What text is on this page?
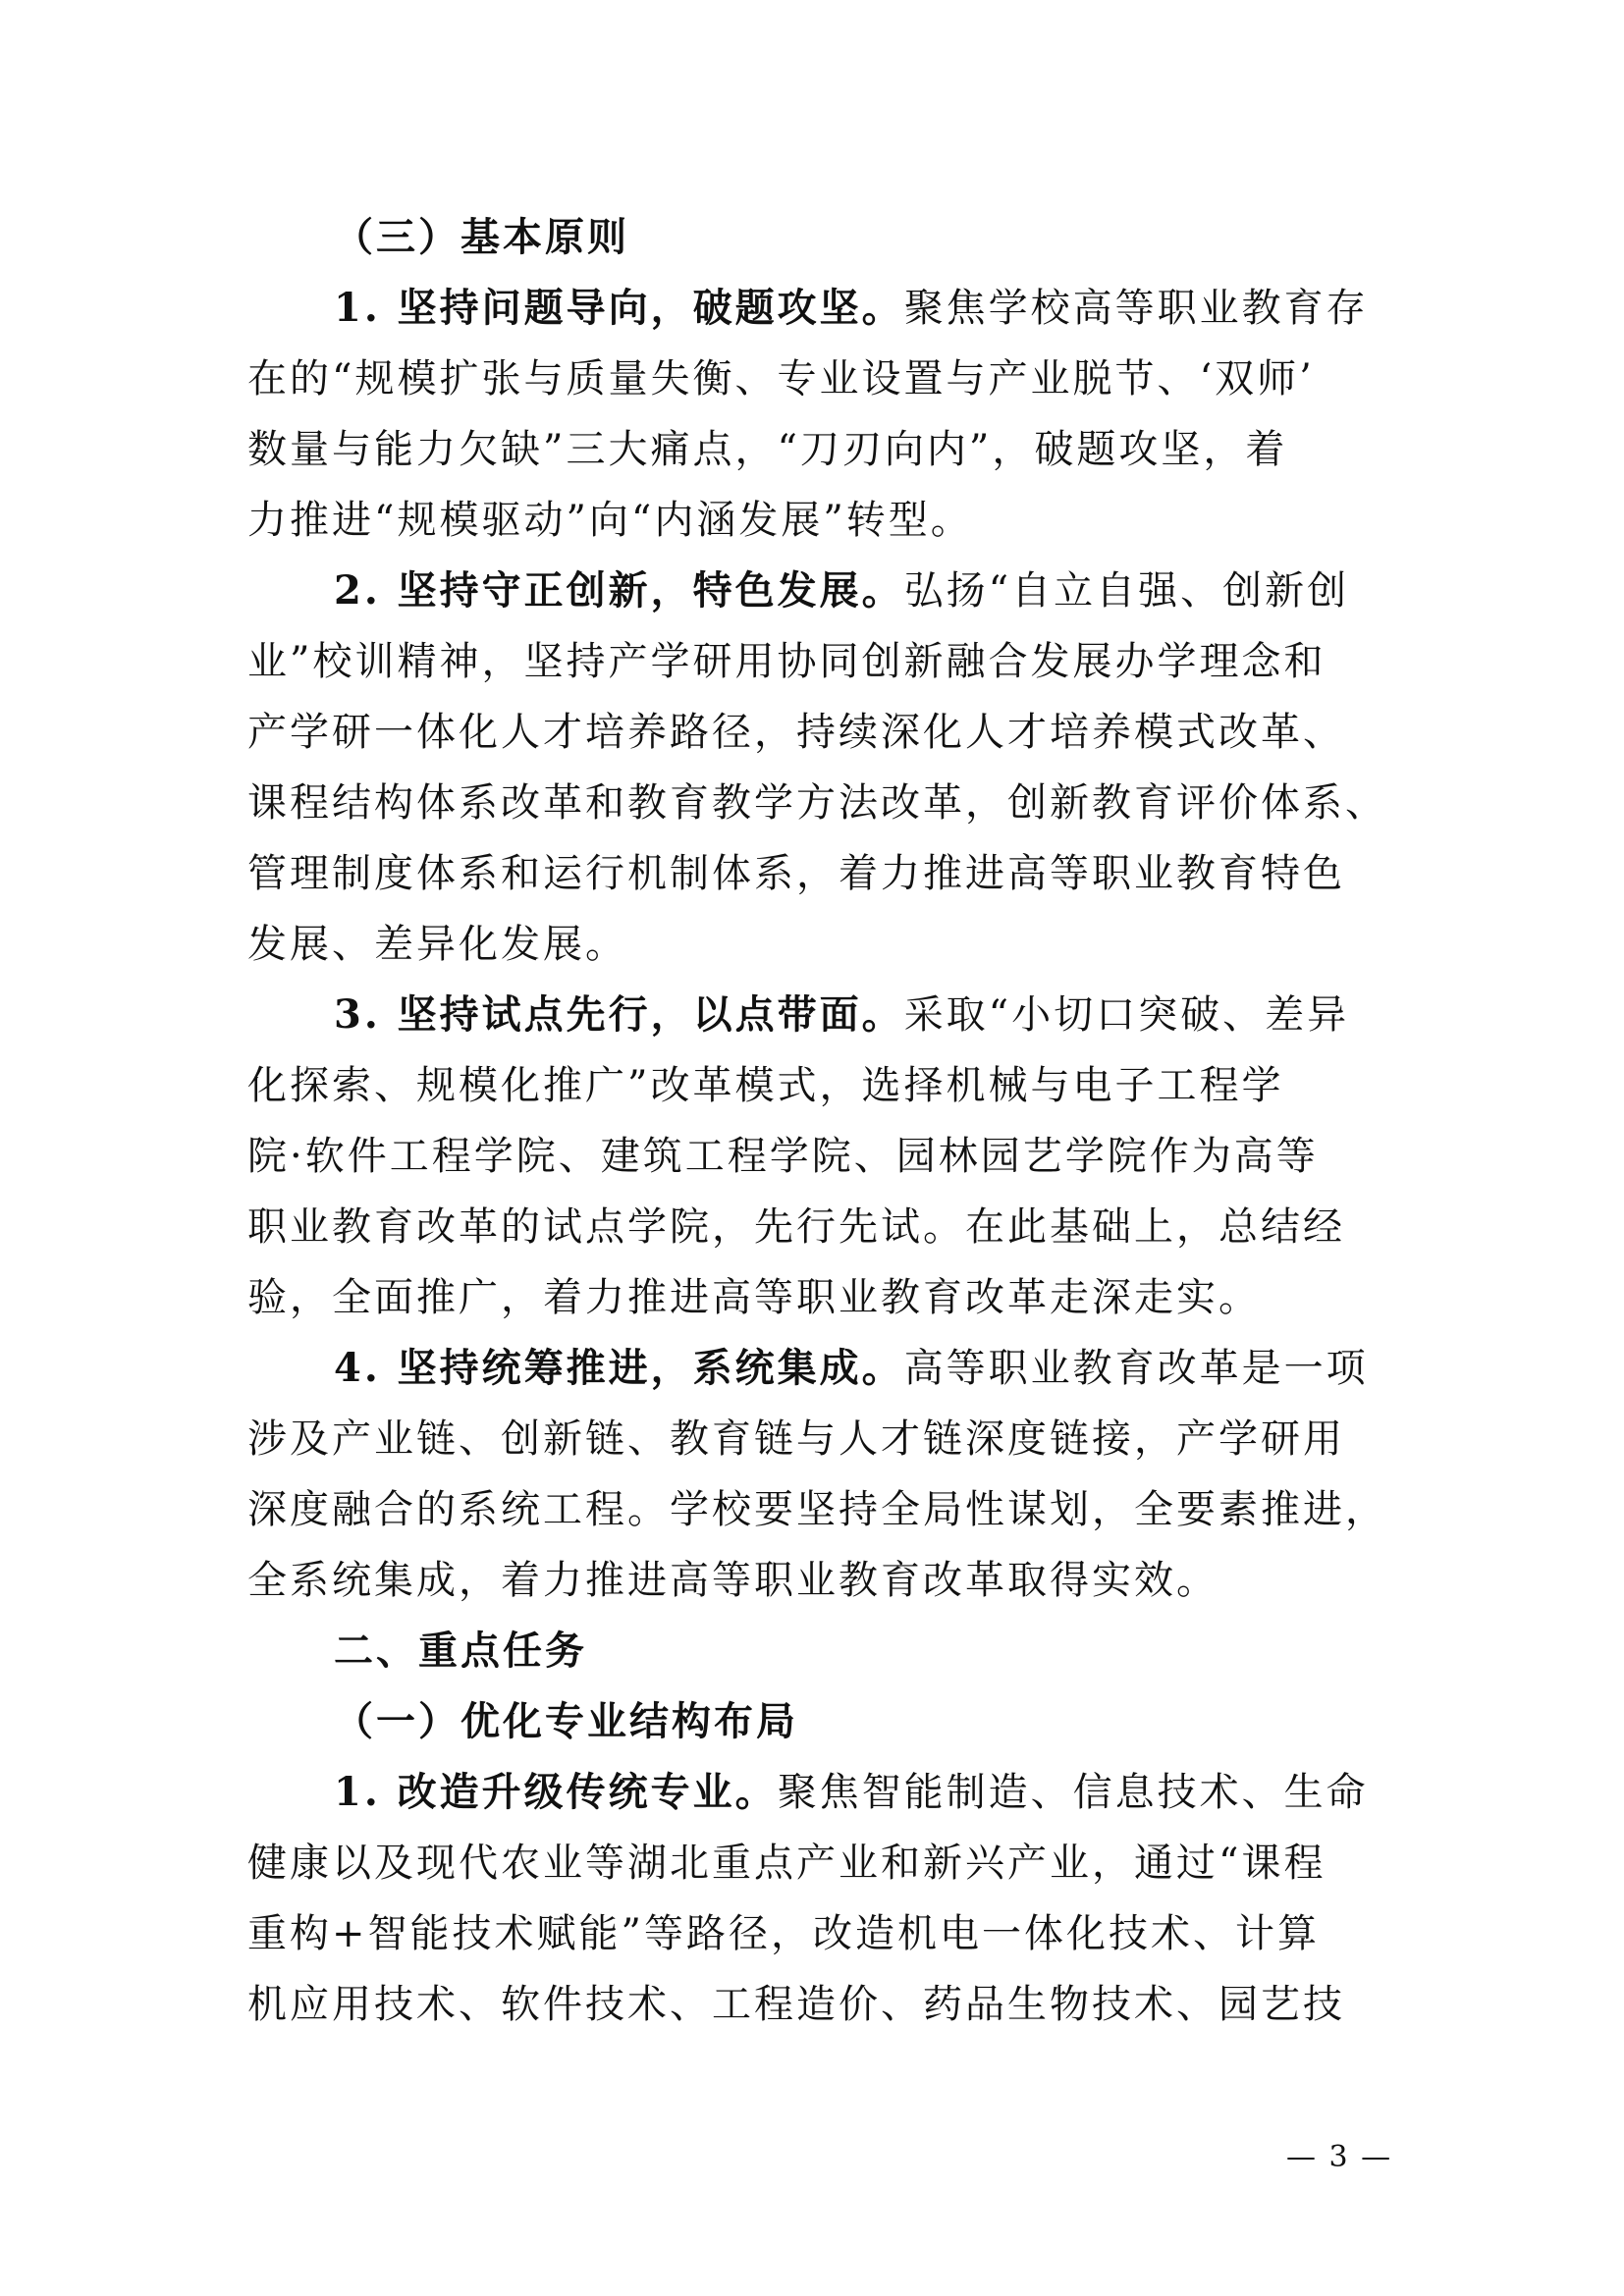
（三）基本原则
1. 坚持问题导向，破题攻坚。聚焦学校高等职业教育存
在的“规模扩张与质量失衡、专业设置与产业脱节、‘双师’
数量与能力欠缺”三大痛点，“刀刃向内”，破题攻坚，着
力推进“规模驱动”向“内涵发展”转型。
2. 坚持守正创新，特色发展。弘扬“自立自强、创新创
业”校训精神，坚持产学研用协同创新融合发展办学理念和
产学研一体化人才培养路径，持续深化人才培养模式改革、
课程结构体系改革和教育教学方法改革，创新教育评价体系、
管理制度体系和运行机制体系，着力推进高等职业教育特色
发展、差异化发展。
3. 坚持试点先行，以点带面。采取“小切口突破、差异
化探索、规模化推广”改革模式，选择机械与电子工程学
院·软件工程学院、建筑工程学院、园林园艺学院作为高等
职业教育改革的试点学院，先行先试。在此基础上，总结经
验，全面推广，着力推进高等职业教育改革走深走实。
4. 坚持统筹推进，系统集成。高等职业教育改革是一项
涉及产业链、创新链、教育链与人才链深度链接，产学研用
深度融合的系统工程。学校要坚持全局性谋划，全要素推进，
全系统集成，着力推进高等职业教育改革取得实效。
二、重点任务
（一）优化专业结构布局
1. 改造升级传统专业。聚焦智能制造、信息技术、生命
健康以及现代农业等湖北重点产业和新兴产业，通过“课程
重构+智能技术赋能”等路径，改造机电一体化技术、计算
机应用技术、软件技术、工程造价、药品生物技术、园艺技
— 3 —
